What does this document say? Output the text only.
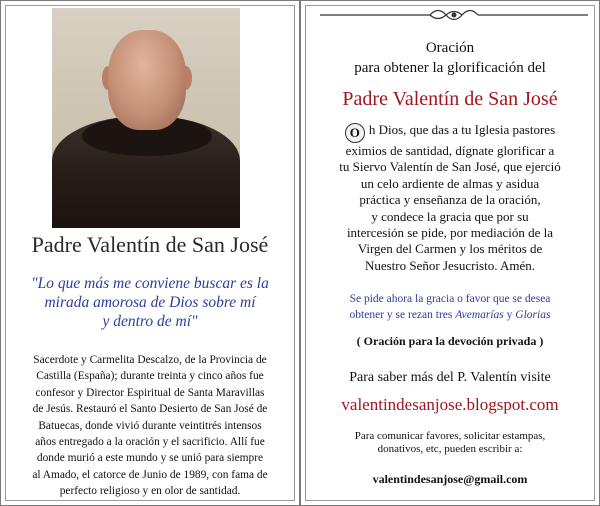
Padre Valentín de San José
"Lo que más me conviene buscar es la
mirada amorosa de Dios sobre mí
y dentro de mí"
Sacerdote y Carmelita Descalzo, de la Provincia de
Castilla (España); durante treinta y cinco años fue
confesor y Director Espiritual de Santa Maravillas
de Jesús. Restauró el Santo Desierto de San José de
Batuecas, donde vivió durante veintitrés intensos
años entregado a la oración y el sacrificio. Allí fue
donde murió a este mundo y se unió para siempre
al Amado, el catorce de Junio de 1989, con fama de
perfecto religioso y en olor de santidad.
Oración
para obtener la glorificación del
Padre Valentín de San José
O h Dios, que das a tu Iglesia pastores
eximios de santidad, dígnate glorificar a
tu Siervo Valentín de San José, que ejerció
un celo ardiente de almas y asidua
práctica y enseñanza de la oración,
y condece la gracia que por su
intercesión se pide, por mediación de la
Virgen del Carmen y los méritos de
Nuestro Señor Jesucristo. Amén.
Se pide ahora la gracia o favor que se desea
obtener y se rezan tres Avemarías y Glorias
( Oración para la devoción privada )
Para saber más del P. Valentín visite
valentindesanjose.blogspot.com
Para comunicar favores, solicitar estampas,
donativos, etc, pueden escribir a:
valentindesanjose@gmail.com
